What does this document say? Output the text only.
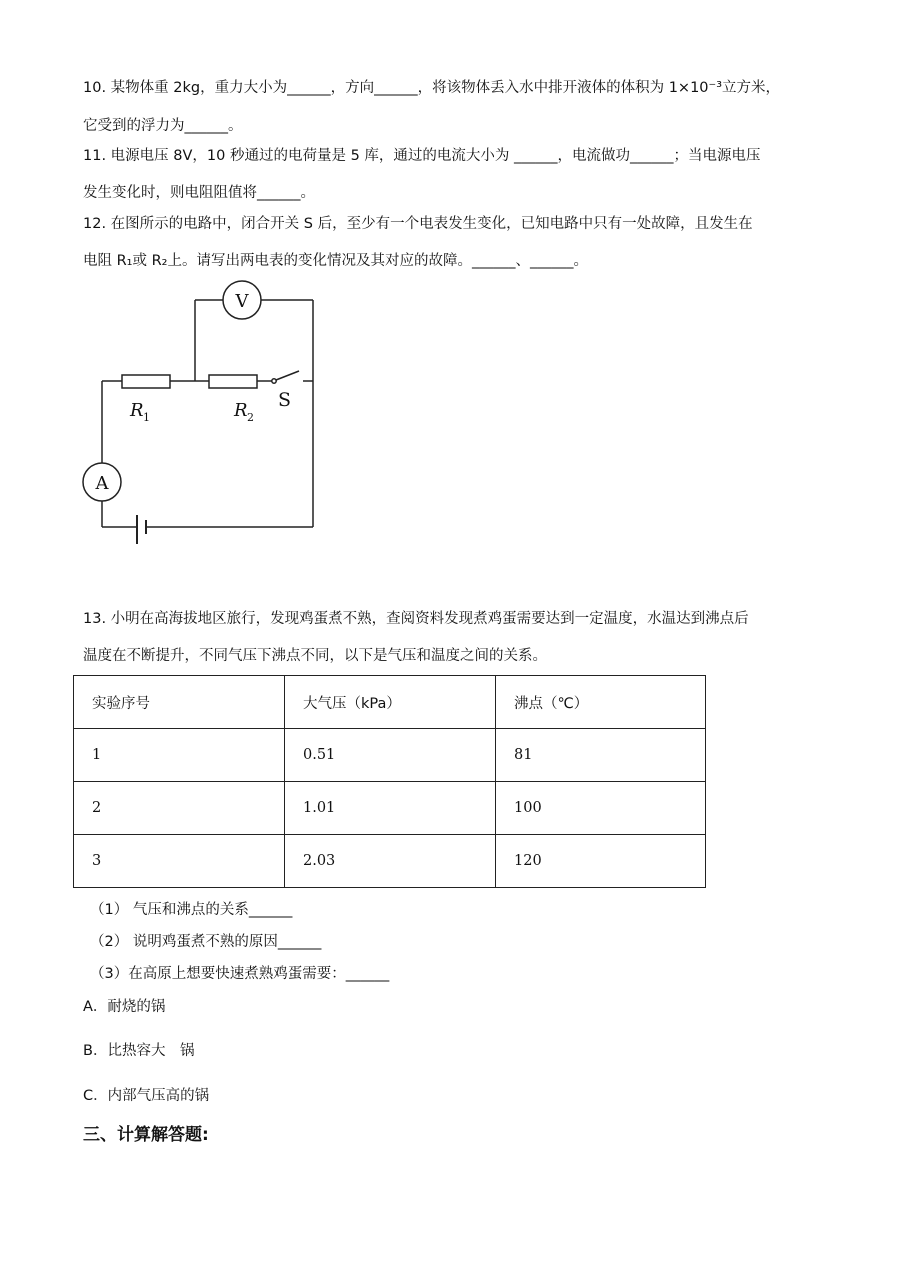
10. 某物体重 2kg，重力大小为______，方向______，将该物体丢入水中排开液体的体积为 1×10⁻³立方米，
它受到的浮力为______。
11. 电源电压 8V，10 秒通过的电荷量是 5 库，通过的电流大小为 ______，电流做功______；当电源电压
发生变化时，则电阻阻值将______。
12. 在图所示的电路中，闭合开关 S 后，至少有一个电表发生变化，已知电路中只有一处故障，且发生在
电阻 R₁或 R₂上。请写出两电表的变化情况及其对应的故障。______、______。
V
A
R 1	R 2
S
13. 小明在高海拔地区旅行，发现鸡蛋煮不熟，查阅资料发现煮鸡蛋需要达到一定温度，水温达到沸点后
温度在不断提升，不同气压下沸点不同，以下是气压和温度之间的关系。
实验序号	大气压（kPa）	沸点（℃）
1	0.51	81
2	1.01	100
3	2.03	120
（1） 气压和沸点的关系______
（2） 说明鸡蛋煮不熟的原因______
（3）在高原上想要快速煮熟鸡蛋需要：______
A．耐烧的锅
B．比热容大　锅
C．内部气压高的锅
三、计算解答题:
